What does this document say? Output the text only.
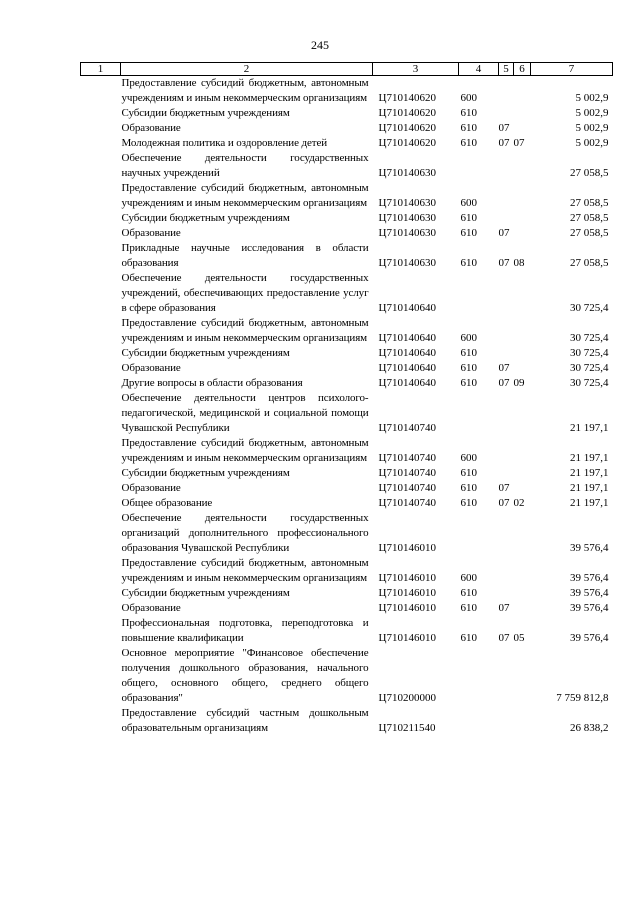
245
1	2	3	4	5	6	7
Предоставление субсидий бюджетным, автономным учреждениям и иным некоммерческим организациям		Ц710140620	600			5 002,9
Субсидии бюджетным учреждениям		Ц710140620	610			5 002,9
Образование		Ц710140620	610	07		5 002,9
Молодежная политика и оздоровление детей		Ц710140620	610	07	07	5 002,9
Обеспечение деятельности государственных научных учреждений		Ц710140630				27 058,5
Предоставление субсидий бюджетным, автономным учреждениям и иным некоммерческим организациям		Ц710140630	600			27 058,5
Субсидии бюджетным учреждениям		Ц710140630	610			27 058,5
Образование		Ц710140630	610	07		27 058,5
Прикладные научные исследования в области образования		Ц710140630	610	07	08	27 058,5
Обеспечение деятельности государственных учреждений, обеспечивающих предоставление услуг в сфере образования		Ц710140640				30 725,4
Предоставление субсидий бюджетным, автономным учреждениям и иным некоммерческим организациям		Ц710140640	600			30 725,4
Субсидии бюджетным учреждениям		Ц710140640	610			30 725,4
Образование		Ц710140640	610	07		30 725,4
Другие вопросы в области образования		Ц710140640	610	07	09	30 725,4
Обеспечение деятельности центров психолого-педагогической, медицинской и социальной помощи Чувашской Республики		Ц710140740				21 197,1
Предоставление субсидий бюджетным, автономным учреждениям и иным некоммерческим организациям		Ц710140740	600			21 197,1
Субсидии бюджетным учреждениям		Ц710140740	610			21 197,1
Образование		Ц710140740	610	07		21 197,1
Общее образование		Ц710140740	610	07	02	21 197,1
Обеспечение деятельности государственных организаций дополнительного профессионального образования Чувашской Республики		Ц710146010				39 576,4
Предоставление субсидий бюджетным, автономным учреждениям и иным некоммерческим организациям		Ц710146010	600			39 576,4
Субсидии бюджетным учреждениям		Ц710146010	610			39 576,4
Образование		Ц710146010	610	07		39 576,4
Профессиональная подготовка, переподготовка и повышение квалификации		Ц710146010	610	07	05	39 576,4
Основное мероприятие "Финансовое обеспечение получения дошкольного образования, начального общего, основного общего, среднего общего образования"		Ц710200000				7 759 812,8
Предоставление субсидий частным дошкольным образовательным организациям		Ц710211540				26 838,2
